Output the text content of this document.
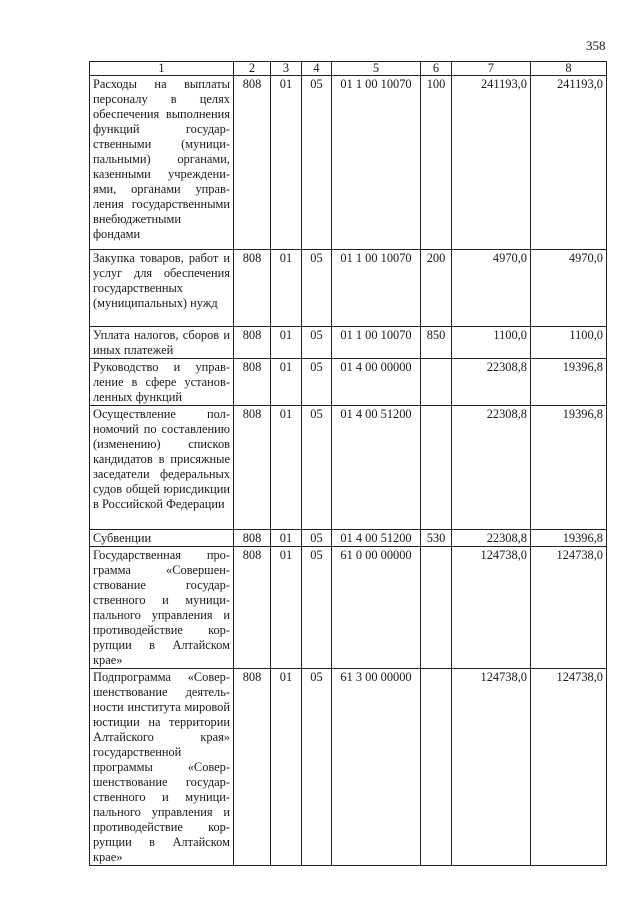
358
1	2	3	4	5	6	7	8
Расходы на выплаты персоналу в целях обеспечения выполнения функций государственными (муниципальными) органами, казенными учреждениями, органами управления государственными внебюджетными фондами	808	01	05	01 1 00 10070	100	241193,0	241193,0
Закупка товаров, работ и услуг для обеспечения государственных (муниципальных) нужд	808	01	05	01 1 00 10070	200	4970,0	4970,0
Уплата налогов, сборов и иных платежей	808	01	05	01 1 00 10070	850	1100,0	1100,0
Руководство и управление в сфере установленных функций	808	01	05	01 4 00 00000		22308,8	19396,8
Осуществление полномочий по составлению (изменению) списков кандидатов в присяжные заседатели федеральных судов общей юрисдикции в Российской Федерации	808	01	05	01 4 00 51200		22308,8	19396,8
Субвенции	808	01	05	01 4 00 51200	530	22308,8	19396,8
Государственная программа «Совершенствование государственного и муниципального управления и противодействие коррупции в Алтайском крае»	808	01	05	61 0 00 00000		124738,0	124738,0
Подпрограмма «Совершенствование деятельности института мировой юстиции на территории Алтайского края» государственной программы «Совершенствование государственного и муниципального управления и противодействие коррупции в Алтайском крае»	808	01	05	61 3 00 00000		124738,0	124738,0
